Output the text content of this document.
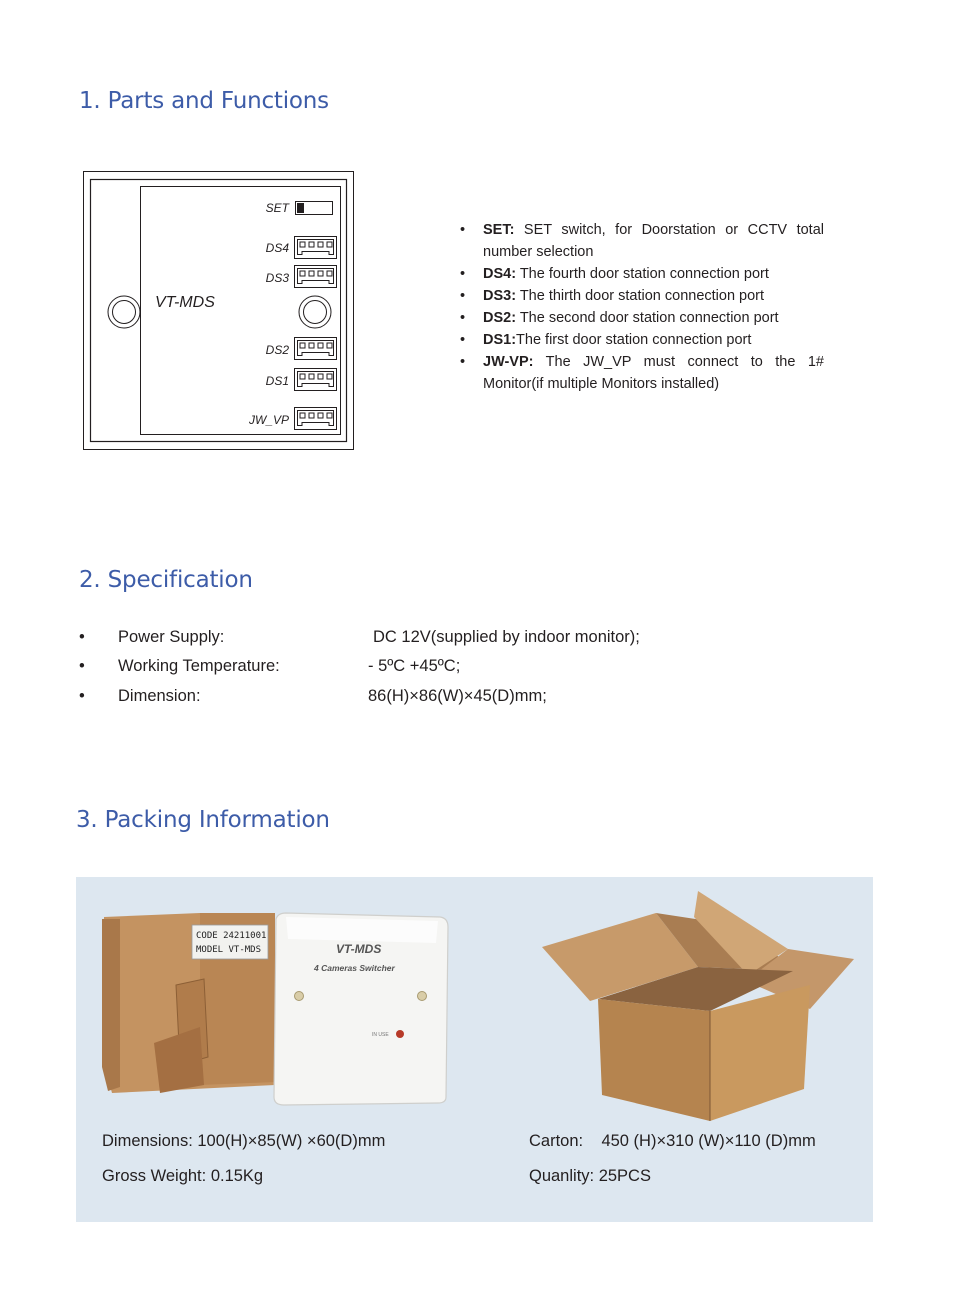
1. Parts and Functions
SET
DS4
DS3
DS2
DS1
JW_VP
VT-MDS
• SET: SET switch, for Doorstation or CCTV total number selection
• DS4: The fourth door station connection port
• DS3: The thirth door station connection port
• DS2: The second door station connection port
• DS1:The first door station connection port
• JW-VP: The JW_VP must connect to the 1# Monitor(if multiple Monitors installed)
2. Specification
• Power Supply:	DC 12V(supplied by indoor monitor);
• Working Temperature:	- 5ºC +45ºC;
• Dimension:	86(H)×86(W)×45(D)mm;
3. Packing Information
CODE 24211001
MODEL VT-MDS	VT-MDS
4 Cameras Switcher
IN USE
Dimensions: 100(H)×85(W) ×60(D)mm
Gross Weight: 0.15Kg
Carton:    450 (H)×310 (W)×110 (D)mm
Quanlity: 25PCS
